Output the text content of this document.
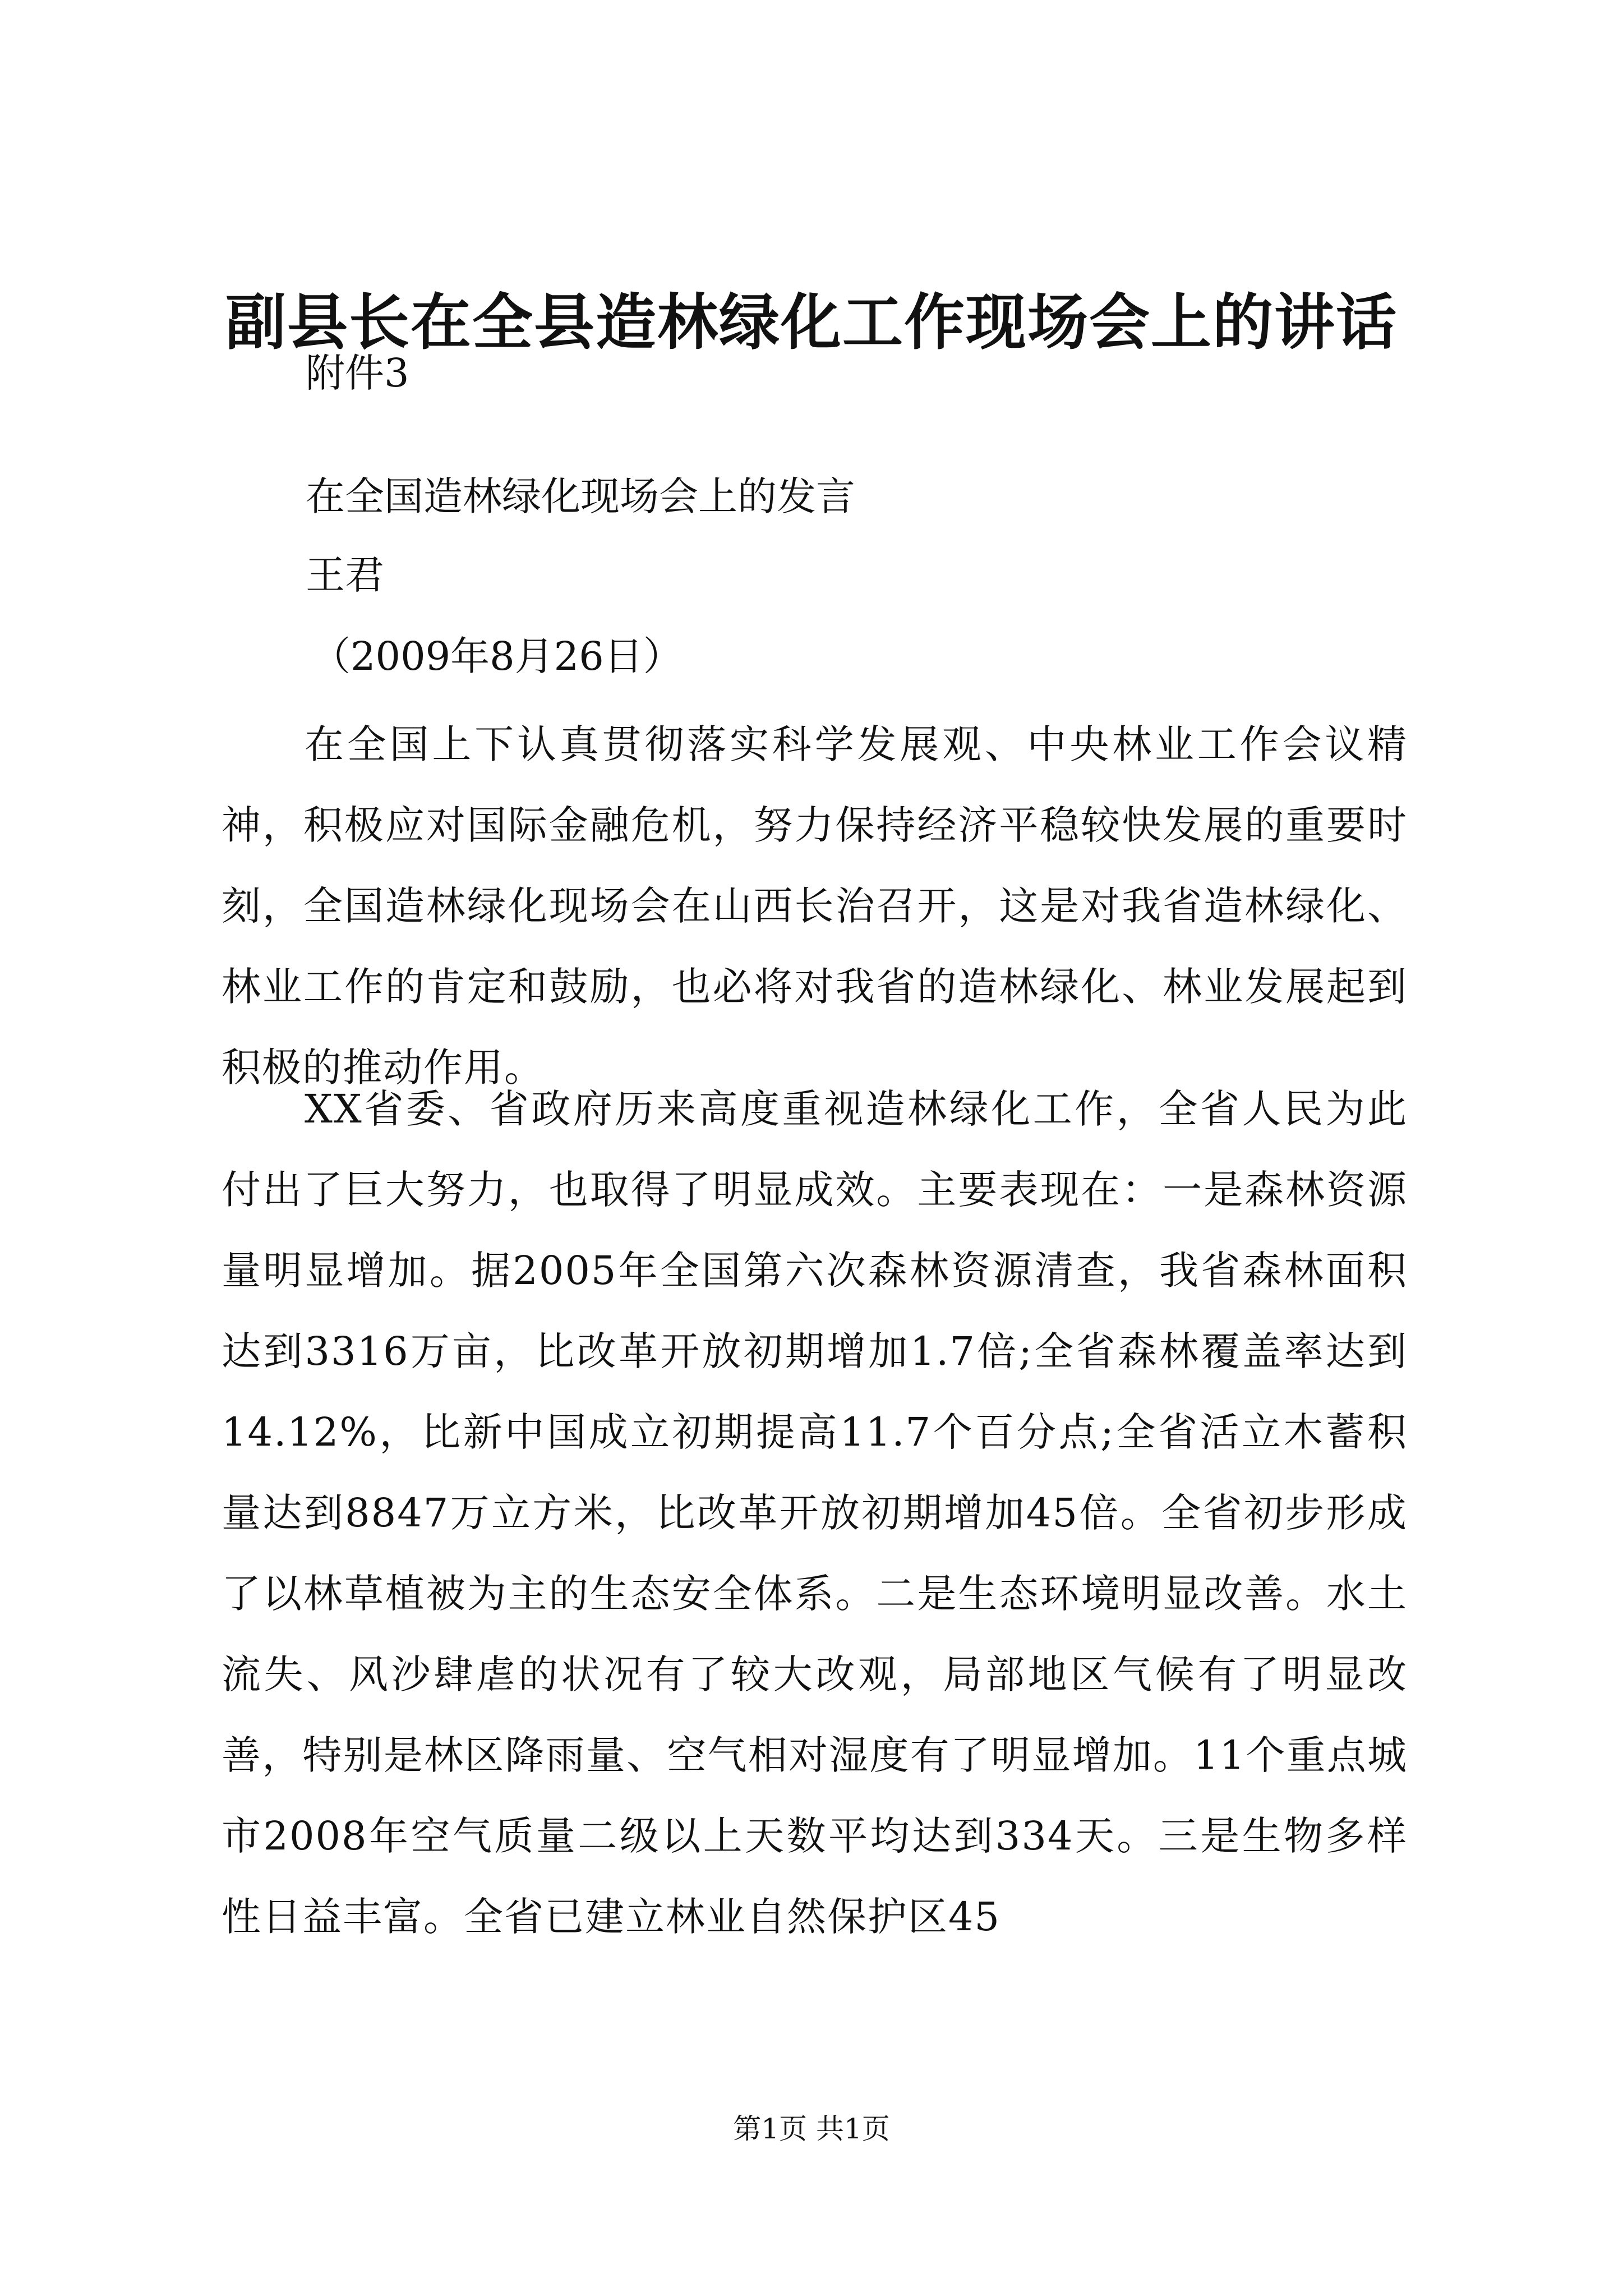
副县长在全县造林绿化工作现场会上的讲话

附件3

在全国造林绿化现场会上的发言

王君

（2009年8月26日）

在全国上下认真贯彻落实科学发展观、中央林业工作会议精神，积极应对国际金融危机，努力保持经济平稳较快发展的重要时刻，全国造林绿化现场会在山西长治召开，这是对我省造林绿化、林业工作的肯定和鼓励，也必将对我省的造林绿化、林业发展起到积极的推动作用。

XX省委、省政府历来高度重视造林绿化工作，全省人民为此付出了巨大努力，也取得了明显成效。主要表现在：一是森林资源量明显增加。据2005年全国第六次森林资源清查，我省森林面积达到3316万亩，比改革开放初期增加1.7倍;全省森林覆盖率达到14.12%，比新中国成立初期提高11.7个百分点;全省活立木蓄积量达到8847万立方米，比改革开放初期增加45倍。全省初步形成了以林草植被为主的生态安全体系。二是生态环境明显改善。水土流失、风沙肆虐的状况有了较大改观，局部地区气候有了明显改善，特别是林区降雨量、空气相对湿度有了明显增加。11个重点城市2008年空气质量二级以上天数平均达到334天。三是生物多样性日益丰富。全省已建立林业自然保护区45

第1页 共1页
